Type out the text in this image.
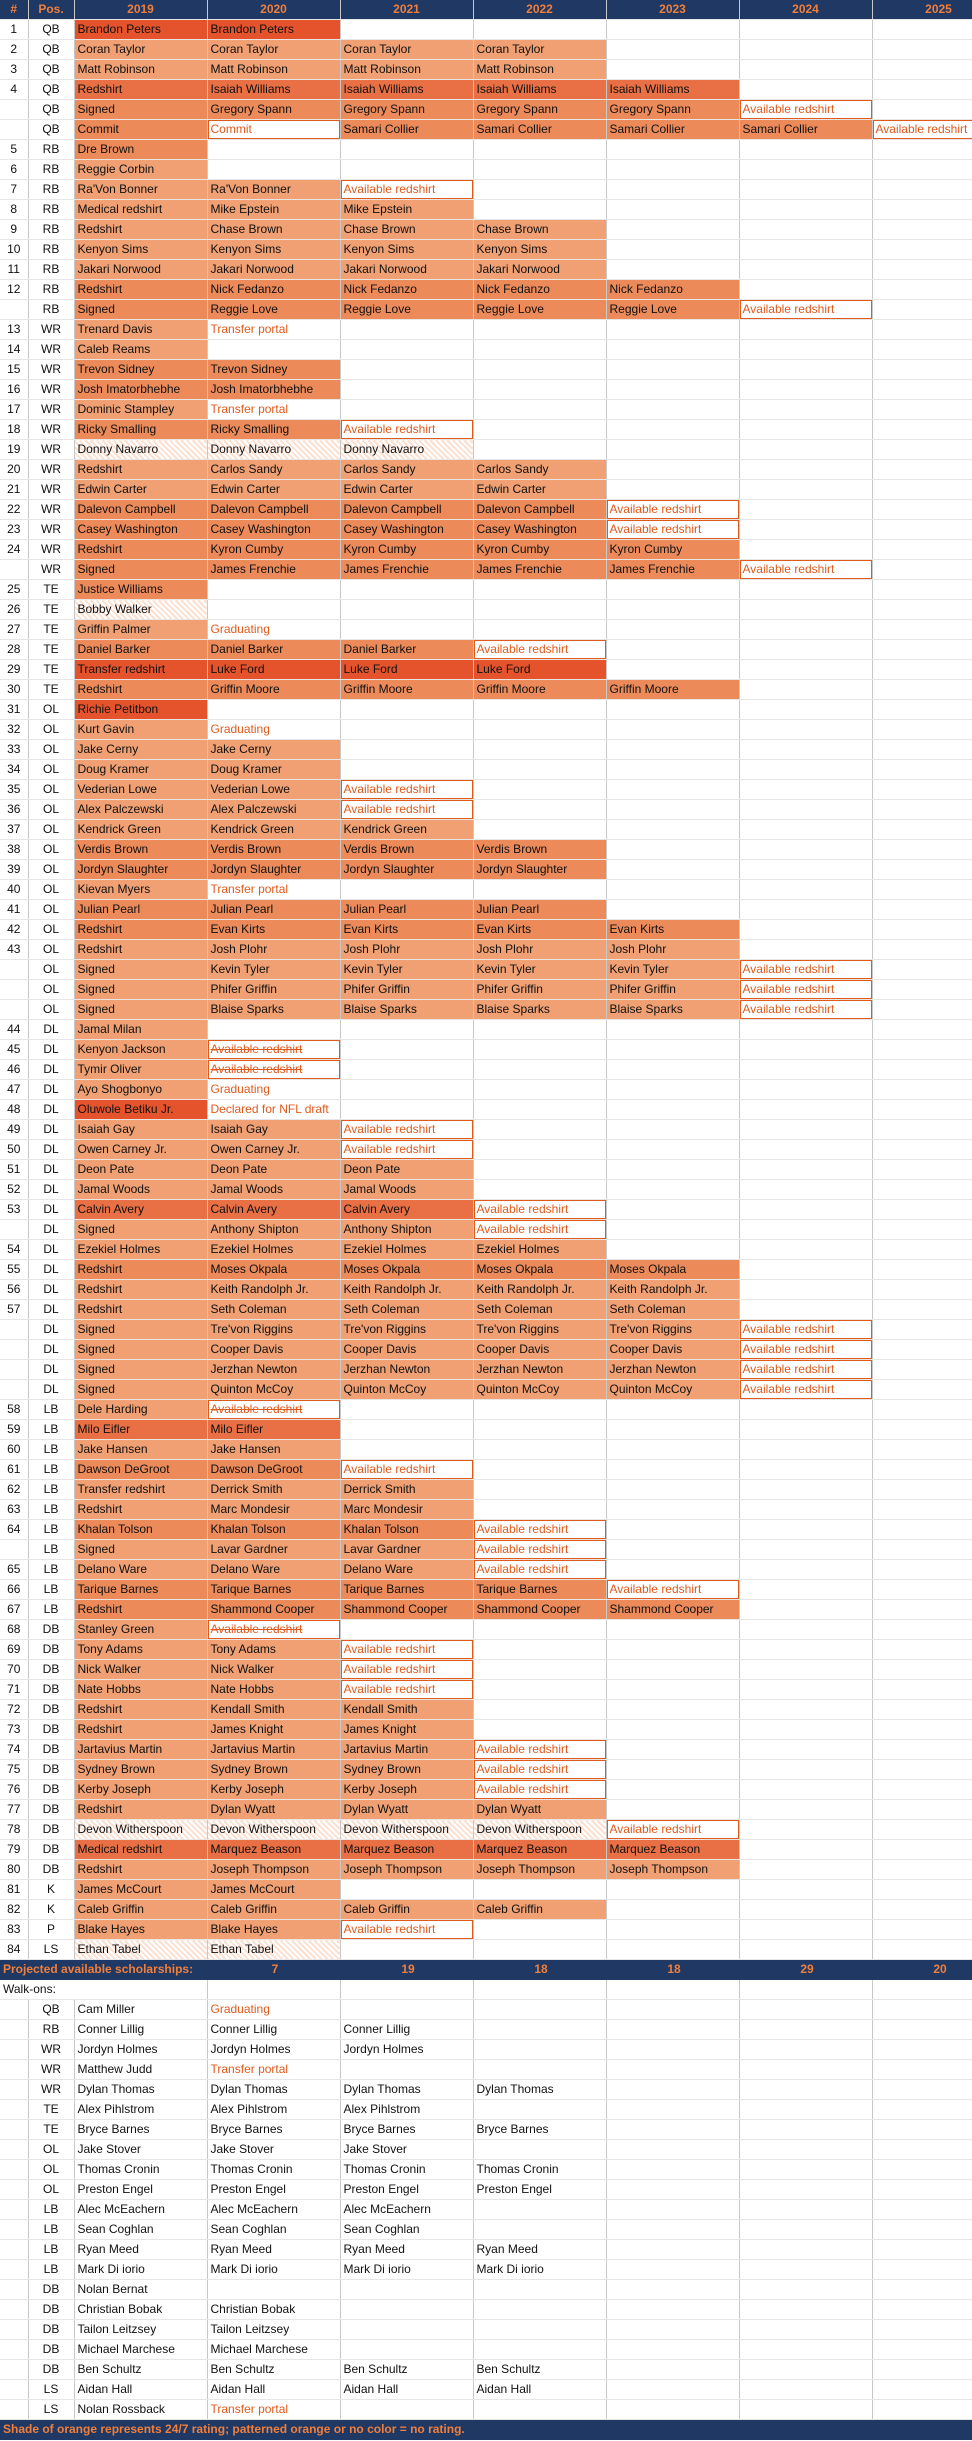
#	Pos.	2019	2020	2021	2022	2023	2024	2025
1	QB	Brandon Peters	Brandon Peters					
2	QB	Coran Taylor	Coran Taylor	Coran Taylor	Coran Taylor			
3	QB	Matt Robinson	Matt Robinson	Matt Robinson	Matt Robinson			
4	QB	Redshirt	Isaiah Williams	Isaiah Williams	Isaiah Williams	Isaiah Williams		
	QB	Signed	Gregory Spann	Gregory Spann	Gregory Spann	Gregory Spann	Available redshirt	
	QB	Commit	Commit	Samari Collier	Samari Collier	Samari Collier	Samari Collier	Available redshirt
5	RB	Dre Brown						
6	RB	Reggie Corbin						
7	RB	Ra'Von Bonner	Ra'Von Bonner	Available redshirt				
8	RB	Medical redshirt	Mike Epstein	Mike Epstein				
9	RB	Redshirt	Chase Brown	Chase Brown	Chase Brown			
10	RB	Kenyon Sims	Kenyon Sims	Kenyon Sims	Kenyon Sims			
11	RB	Jakari Norwood	Jakari Norwood	Jakari Norwood	Jakari Norwood			
12	RB	Redshirt	Nick Fedanzo	Nick Fedanzo	Nick Fedanzo	Nick Fedanzo		
	RB	Signed	Reggie Love	Reggie Love	Reggie Love	Reggie Love	Available redshirt	
13	WR	Trenard Davis	Transfer portal					
14	WR	Caleb Reams						
15	WR	Trevon Sidney	Trevon Sidney					
16	WR	Josh Imatorbhebhe	Josh Imatorbhebhe					
17	WR	Dominic Stampley	Transfer portal					
18	WR	Ricky Smalling	Ricky Smalling	Available redshirt				
19	WR	Donny Navarro	Donny Navarro	Donny Navarro				
20	WR	Redshirt	Carlos Sandy	Carlos Sandy	Carlos Sandy			
21	WR	Edwin Carter	Edwin Carter	Edwin Carter	Edwin Carter			
22	WR	Dalevon Campbell	Dalevon Campbell	Dalevon Campbell	Dalevon Campbell	Available redshirt		
23	WR	Casey Washington	Casey Washington	Casey Washington	Casey Washington	Available redshirt		
24	WR	Redshirt	Kyron Cumby	Kyron Cumby	Kyron Cumby	Kyron Cumby		
	WR	Signed	James Frenchie	James Frenchie	James Frenchie	James Frenchie	Available redshirt	
25	TE	Justice Williams						
26	TE	Bobby Walker						
27	TE	Griffin Palmer	Graduating					
28	TE	Daniel Barker	Daniel Barker	Daniel Barker	Available redshirt			
29	TE	Transfer redshirt	Luke Ford	Luke Ford	Luke Ford			
30	TE	Redshirt	Griffin Moore	Griffin Moore	Griffin Moore	Griffin Moore		
31	OL	Richie Petitbon						
32	OL	Kurt Gavin	Graduating					
33	OL	Jake Cerny	Jake Cerny					
34	OL	Doug Kramer	Doug Kramer					
35	OL	Vederian Lowe	Vederian Lowe	Available redshirt				
36	OL	Alex Palczewski	Alex Palczewski	Available redshirt				
37	OL	Kendrick Green	Kendrick Green	Kendrick Green				
38	OL	Verdis Brown	Verdis Brown	Verdis Brown	Verdis Brown			
39	OL	Jordyn Slaughter	Jordyn Slaughter	Jordyn Slaughter	Jordyn Slaughter			
40	OL	Kievan Myers	Transfer portal					
41	OL	Julian Pearl	Julian Pearl	Julian Pearl	Julian Pearl			
42	OL	Redshirt	Evan Kirts	Evan Kirts	Evan Kirts	Evan Kirts		
43	OL	Redshirt	Josh Plohr	Josh Plohr	Josh Plohr	Josh Plohr		
	OL	Signed	Kevin Tyler	Kevin Tyler	Kevin Tyler	Kevin Tyler	Available redshirt	
	OL	Signed	Phifer Griffin	Phifer Griffin	Phifer Griffin	Phifer Griffin	Available redshirt	
	OL	Signed	Blaise Sparks	Blaise Sparks	Blaise Sparks	Blaise Sparks	Available redshirt	
44	DL	Jamal Milan						
45	DL	Kenyon Jackson	Available redshirt					
46	DL	Tymir Oliver	Available redshirt					
47	DL	Ayo Shogbonyo	Graduating					
48	DL	Oluwole Betiku Jr.	Declared for NFL draft					
49	DL	Isaiah Gay	Isaiah Gay	Available redshirt				
50	DL	Owen Carney Jr.	Owen Carney Jr.	Available redshirt				
51	DL	Deon Pate	Deon Pate	Deon Pate				
52	DL	Jamal Woods	Jamal Woods	Jamal Woods				
53	DL	Calvin Avery	Calvin Avery	Calvin Avery	Available redshirt			
	DL	Signed	Anthony Shipton	Anthony Shipton	Available redshirt			
54	DL	Ezekiel Holmes	Ezekiel Holmes	Ezekiel Holmes	Ezekiel Holmes			
55	DL	Redshirt	Moses Okpala	Moses Okpala	Moses Okpala	Moses Okpala		
56	DL	Redshirt	Keith Randolph Jr.	Keith Randolph Jr.	Keith Randolph Jr.	Keith Randolph Jr.		
57	DL	Redshirt	Seth Coleman	Seth Coleman	Seth Coleman	Seth Coleman		
	DL	Signed	Tre'von Riggins	Tre'von Riggins	Tre'von Riggins	Tre'von Riggins	Available redshirt	
	DL	Signed	Cooper Davis	Cooper Davis	Cooper Davis	Cooper Davis	Available redshirt	
	DL	Signed	Jerzhan Newton	Jerzhan Newton	Jerzhan Newton	Jerzhan Newton	Available redshirt	
	DL	Signed	Quinton McCoy	Quinton McCoy	Quinton McCoy	Quinton McCoy	Available redshirt	
58	LB	Dele Harding	Available redshirt					
59	LB	Milo Eifler	Milo Eifler					
60	LB	Jake Hansen	Jake Hansen					
61	LB	Dawson DeGroot	Dawson DeGroot	Available redshirt				
62	LB	Transfer redshirt	Derrick Smith	Derrick Smith				
63	LB	Redshirt	Marc Mondesir	Marc Mondesir				
64	LB	Khalan Tolson	Khalan Tolson	Khalan Tolson	Available redshirt			
	LB	Signed	Lavar Gardner	Lavar Gardner	Available redshirt			
65	LB	Delano Ware	Delano Ware	Delano Ware	Available redshirt			
66	LB	Tarique Barnes	Tarique Barnes	Tarique Barnes	Tarique Barnes	Available redshirt		
67	LB	Redshirt	Shammond Cooper	Shammond Cooper	Shammond Cooper	Shammond Cooper		
68	DB	Stanley Green	Available redshirt					
69	DB	Tony Adams	Tony Adams	Available redshirt				
70	DB	Nick Walker	Nick Walker	Available redshirt				
71	DB	Nate Hobbs	Nate Hobbs	Available redshirt				
72	DB	Redshirt	Kendall Smith	Kendall Smith				
73	DB	Redshirt	James Knight	James Knight				
74	DB	Jartavius Martin	Jartavius Martin	Jartavius Martin	Available redshirt			
75	DB	Sydney Brown	Sydney Brown	Sydney Brown	Available redshirt			
76	DB	Kerby Joseph	Kerby Joseph	Kerby Joseph	Available redshirt			
77	DB	Redshirt	Dylan Wyatt	Dylan Wyatt	Dylan Wyatt			
78	DB	Devon Witherspoon	Devon Witherspoon	Devon Witherspoon	Devon Witherspoon	Available redshirt		
79	DB	Medical redshirt	Marquez Beason	Marquez Beason	Marquez Beason	Marquez Beason		
80	DB	Redshirt	Joseph Thompson	Joseph Thompson	Joseph Thompson	Joseph Thompson		
81	K	James McCourt	James McCourt					
82	K	Caleb Griffin	Caleb Griffin	Caleb Griffin	Caleb Griffin			
83	P	Blake Hayes	Blake Hayes	Available redshirt				
84	LS	Ethan Tabel	Ethan Tabel					
Projected available scholarships:			7	19	18	18	29	20
Walk-ons:								
	QB	Cam Miller	Graduating					
	RB	Conner Lillig	Conner Lillig	Conner Lillig				
	WR	Jordyn Holmes	Jordyn Holmes	Jordyn Holmes				
	WR	Matthew Judd	Transfer portal					
	WR	Dylan Thomas	Dylan Thomas	Dylan Thomas	Dylan Thomas			
	TE	Alex Pihlstrom	Alex Pihlstrom	Alex Pihlstrom				
	TE	Bryce Barnes	Bryce Barnes	Bryce Barnes	Bryce Barnes			
	OL	Jake Stover	Jake Stover	Jake Stover				
	OL	Thomas Cronin	Thomas Cronin	Thomas Cronin	Thomas Cronin			
	OL	Preston Engel	Preston Engel	Preston Engel	Preston Engel			
	LB	Alec McEachern	Alec McEachern	Alec McEachern				
	LB	Sean Coghlan	Sean Coghlan	Sean Coghlan				
	LB	Ryan Meed	Ryan Meed	Ryan Meed	Ryan Meed			
	LB	Mark Di iorio	Mark Di iorio	Mark Di iorio	Mark Di iorio			
	DB	Nolan Bernat						
	DB	Christian Bobak	Christian Bobak					
	DB	Tailon Leitzsey	Tailon Leitzsey					
	DB	Michael Marchese	Michael Marchese					
	DB	Ben Schultz	Ben Schultz	Ben Schultz	Ben Schultz			
	LS	Aidan Hall	Aidan Hall	Aidan Hall	Aidan Hall			
	LS	Nolan Rossback	Transfer portal					
Shade of orange represents 24/7 rating; patterned orange or no color = no rating.								
